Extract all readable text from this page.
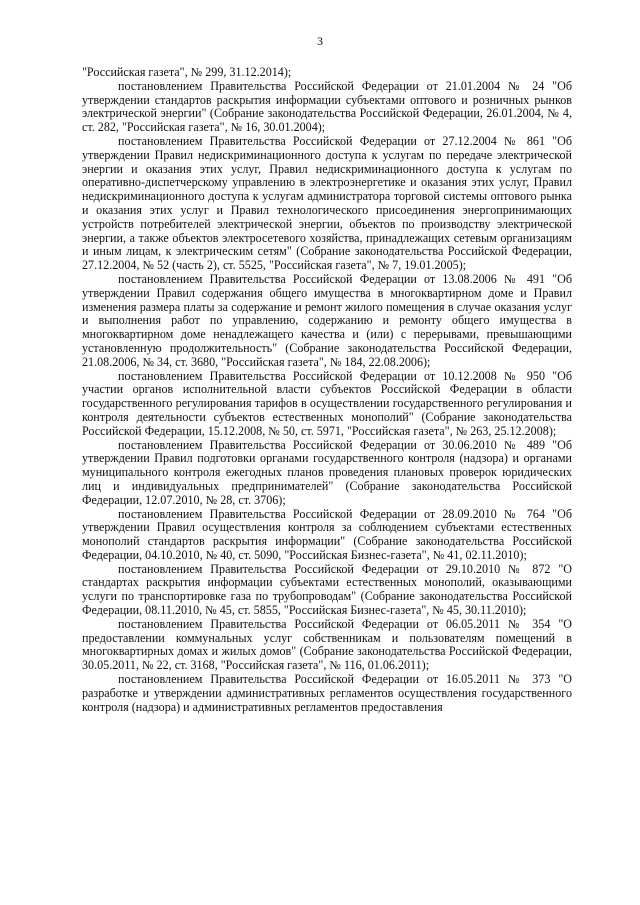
3

"Российская газета", № 299, 31.12.2014);

постановлением Правительства Российской Федерации от 21.01.2004 № 24 "Об утверждении стандартов раскрытия информации субъектами оптового и розничных рынков электрической энергии" (Собрание законодательства Российской Федерации, 26.01.2004, № 4, ст. 282, "Российская газета", № 16, 30.01.2004);

постановлением Правительства Российской Федерации от 27.12.2004 № 861 "Об утверждении Правил недискриминационного доступа к услугам по передаче электрической энергии и оказания этих услуг, Правил недискриминационного доступа к услугам по оперативно-диспетчерскому управлению в электроэнергетике и оказания этих услуг, Правил недискриминационного доступа к услугам администратора торговой системы оптового рынка и оказания этих услуг и Правил технологического присоединения энергопринимающих устройств потребителей электрической энергии, объектов по производству электрической энергии, а также объектов электросетевого хозяйства, принадлежащих сетевым организациям и иным лицам, к электрическим сетям" (Собрание законодательства Российской Федерации, 27.12.2004, № 52 (часть 2), ст. 5525, "Российская газета", № 7, 19.01.2005);

постановлением Правительства Российской Федерации от 13.08.2006 № 491 "Об утверждении Правил содержания общего имущества в многоквартирном доме и Правил изменения размера платы за содержание и ремонт жилого помещения в случае оказания услуг и выполнения работ по управлению, содержанию и ремонту общего имущества в многоквартирном доме ненадлежащего качества и (или) с перерывами, превышающими установленную продолжительность" (Собрание законодательства Российской Федерации, 21.08.2006, № 34, ст. 3680, "Российская газета", № 184, 22.08.2006);

постановлением Правительства Российской Федерации от 10.12.2008 № 950 "Об участии органов исполнительной власти субъектов Российской Федерации в области государственного регулирования тарифов в осуществлении государственного регулирования и контроля деятельности субъектов естественных монополий" (Собрание законодательства Российской Федерации, 15.12.2008, № 50, ст. 5971, "Российская газета", № 263, 25.12.2008);

постановлением Правительства Российской Федерации от 30.06.2010 № 489 "Об утверждении Правил подготовки органами государственного контроля (надзора) и органами муниципального контроля ежегодных планов проведения плановых проверок юридических лиц и индивидуальных предпринимателей" (Собрание законодательства Российской Федерации, 12.07.2010, № 28, ст. 3706);

постановлением Правительства Российской Федерации от 28.09.2010 № 764 "Об утверждении Правил осуществления контроля за соблюдением субъектами естественных монополий стандартов раскрытия информации" (Собрание законодательства Российской Федерации, 04.10.2010, № 40, ст. 5090, "Российская Бизнес-газета", № 41, 02.11.2010);

постановлением Правительства Российской Федерации от 29.10.2010 № 872 "О стандартах раскрытия информации субъектами естественных монополий, оказывающими услуги по транспортировке газа по трубопроводам" (Собрание законодательства Российской Федерации, 08.11.2010, № 45, ст. 5855, "Российская Бизнес-газета", № 45, 30.11.2010);

постановлением Правительства Российской Федерации от 06.05.2011 № 354 "О предоставлении коммунальных услуг собственникам и пользователям помещений в многоквартирных домах и жилых домов" (Собрание законодательства Российской Федерации, 30.05.2011, № 22, ст. 3168, "Российская газета", № 116, 01.06.2011);

постановлением Правительства Российской Федерации от 16.05.2011 № 373 "О разработке и утверждении административных регламентов осуществления государственного контроля (надзора) и административных регламентов предоставления
